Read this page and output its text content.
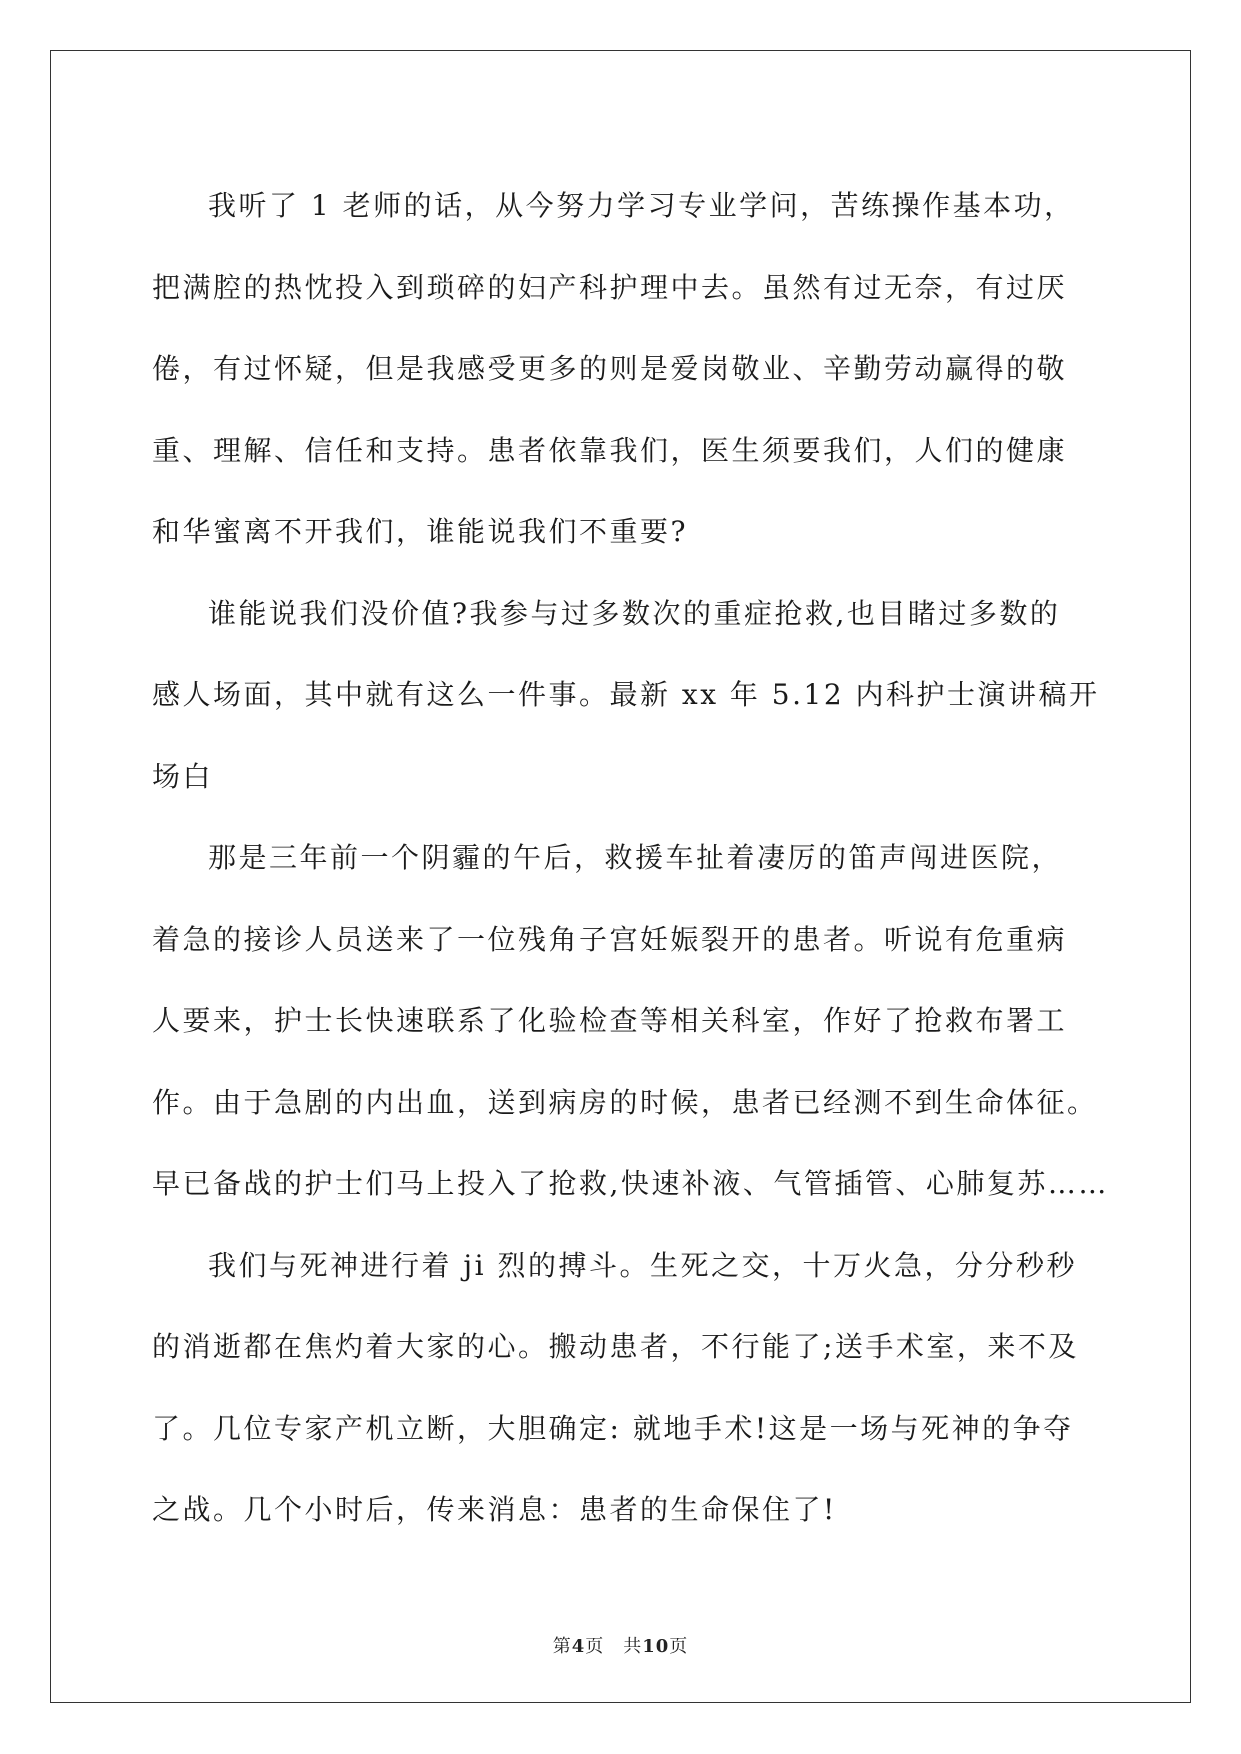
我听了 1 老师的话，从今努力学习专业学问，苦练操作基本功，
把满腔的热忱投入到琐碎的妇产科护理中去。虽然有过无奈，有过厌
倦，有过怀疑，但是我感受更多的则是爱岗敬业、辛勤劳动赢得的敬
重、理解、信任和支持。患者依靠我们，医生须要我们，人们的健康
和华蜜离不开我们，谁能说我们不重要?
谁能说我们没价值?我参与过多数次的重症抢救,也目睹过多数的
感人场面，其中就有这么一件事。最新 xx 年 5.12 内科护士演讲稿开
场白
那是三年前一个阴霾的午后，救援车扯着凄厉的笛声闯进医院，
着急的接诊人员送来了一位残角子宫妊娠裂开的患者。听说有危重病
人要来，护士长快速联系了化验检查等相关科室，作好了抢救布署工
作。由于急剧的内出血，送到病房的时候，患者已经测不到生命体征。
早已备战的护士们马上投入了抢救,快速补液、气管插管、心肺复苏……
我们与死神进行着 ji 烈的搏斗。生死之交，十万火急，分分秒秒
的消逝都在焦灼着大家的心。搬动患者，不行能了;送手术室，来不及
了。几位专家产机立断，大胆确定: 就地手术!这是一场与死神的争夺
之战。几个小时后，传来消息：患者的生命保住了!
第4页　共10页
